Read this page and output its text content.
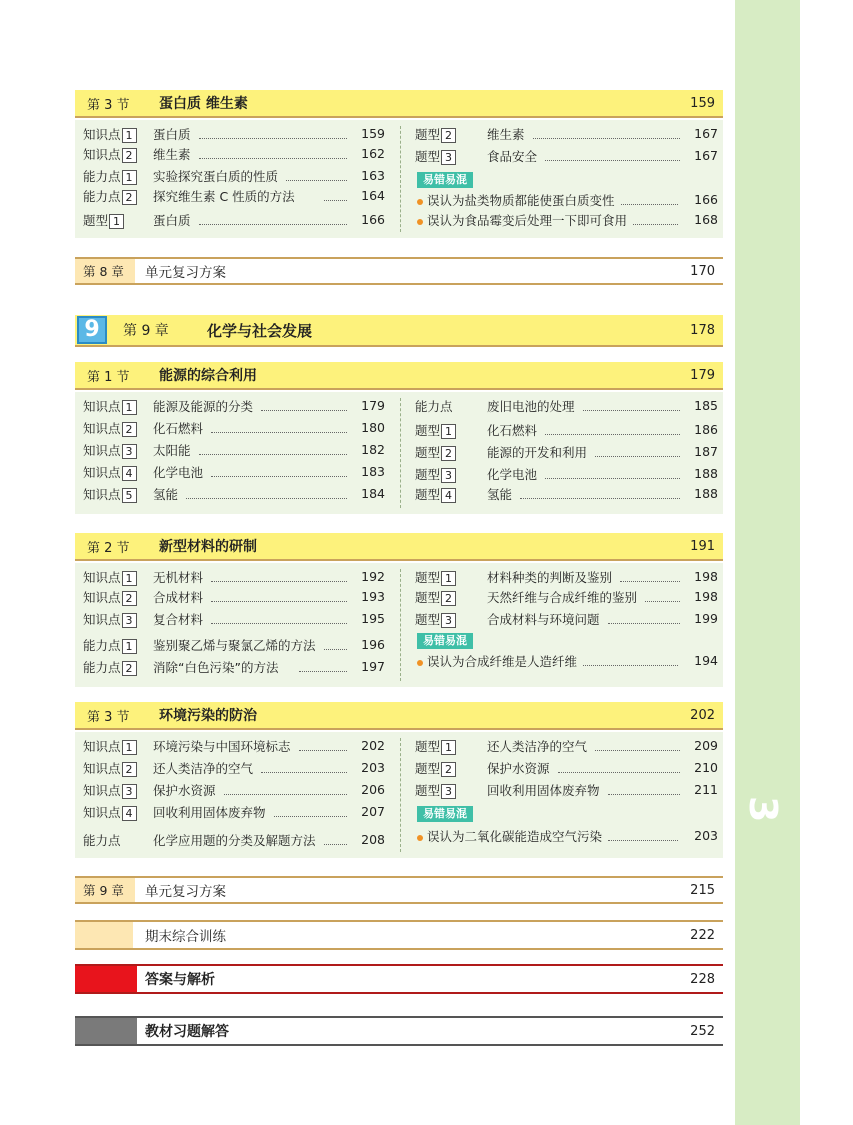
CONTENTS 3
第 3 节	蛋白质 维生素	159
知识点 1	蛋白质	159
知识点 2	维生素	162
能力点 1	实验探究蛋白质的性质	163
能力点 2	探究维生素 C 性质的方法	164
题型 1	蛋白质	166
题型 2	维生素	167
题型 3	食品安全	167
易错易混
误认为盐类物质都能使蛋白质变性	166
误认为食品霉变后处理一下即可食用	168
第 8 章	单元复习方案	170
9	第 9 章	化学与社会发展	178
第 1 节	能源的综合利用	179
知识点 1	能源及能源的分类	179
知识点 2	化石燃料	180
知识点 3	太阳能	182
知识点 4	化学电池	183
知识点 5	氢能	184
能力点	废旧电池的处理	185
题型 1	化石燃料	186
题型 2	能源的开发和利用	187
题型 3	化学电池	188
题型 4	氢能	188
第 2 节	新型材料的研制	191
知识点 1	无机材料	192
知识点 2	合成材料	193
知识点 3	复合材料	195
能力点 1	鉴别聚乙烯与聚氯乙烯的方法	196
能力点 2	消除“白色污染”的方法	197
题型 1	材料种类的判断及鉴别	198
题型 2	天然纤维与合成纤维的鉴别	198
题型 3	合成材料与环境问题	199
易错易混
误认为合成纤维是人造纤维	194
第 3 节	环境污染的防治	202
知识点 1	环境污染与中国环境标志	202
知识点 2	还人类洁净的空气	203
知识点 3	保护水资源	206
知识点 4	回收利用固体废弃物	207
能力点	化学应用题的分类及解题方法	208
题型 1	还人类洁净的空气	209
题型 2	保护水资源	210
题型 3	回收利用固体废弃物	211
易错易混
误认为二氧化碳能造成空气污染	203
第 9 章	单元复习方案	215
期末综合训练	222
答案与解析	228
教材习题解答	252
